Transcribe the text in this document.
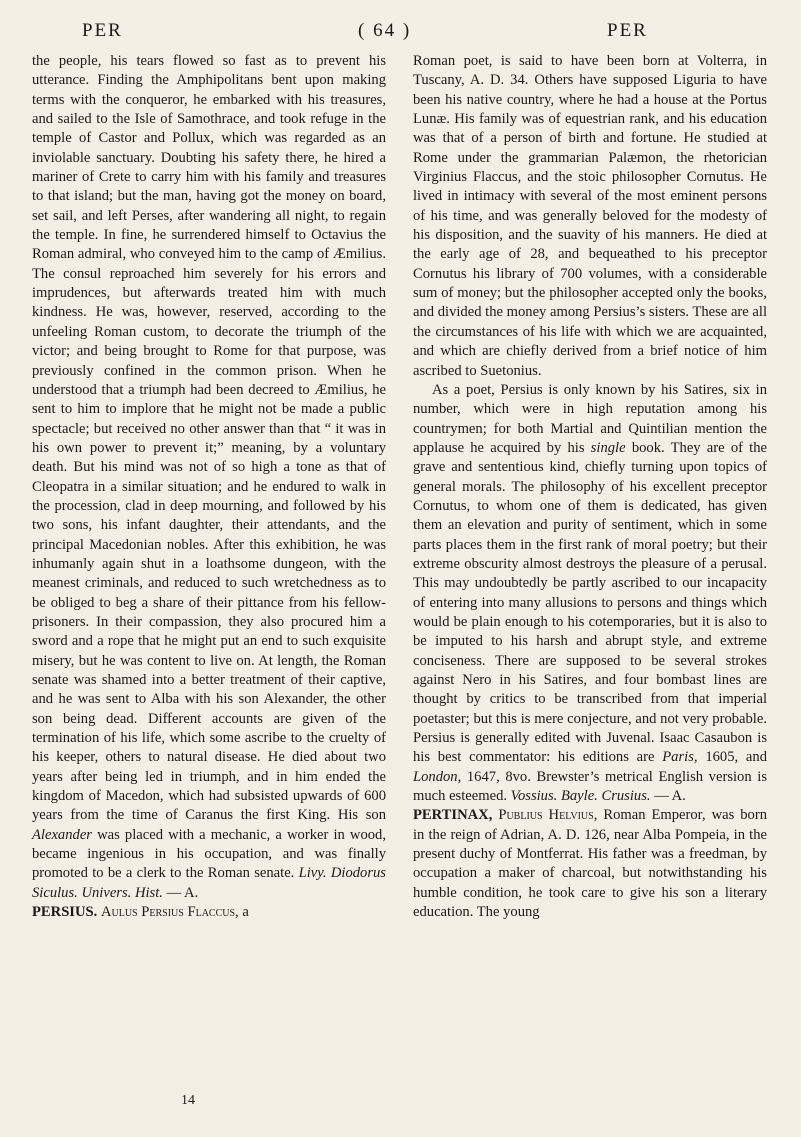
PER	( 64 )	PER

the people, his tears flowed so fast as to prevent his utterance. Finding the Amphipolitans bent upon making terms with the conqueror, he embarked with his treasures, and sailed to the Isle of Samothrace, and took refuge in the temple of Castor and Pollux, which was regarded as an inviolable sanctuary. Doubting his safety there, he hired a mariner of Crete to carry him with his family and treasures to that island; but the man, having got the money on board, set sail, and left Perses, after wandering all night, to regain the temple. In fine, he surrendered himself to Octavius the Roman admiral, who conveyed him to the camp of Æmilius. The consul reproached him severely for his errors and imprudences, but afterwards treated him with much kindness. He was, however, reserved, according to the unfeeling Roman custom, to decorate the triumph of the victor; and being brought to Rome for that purpose, was previously confined in the common prison. When he understood that a triumph had been decreed to Æmilius, he sent to him to implore that he might not be made a public spectacle; but received no other answer than that “ it was in his own power to prevent it;” meaning, by a voluntary death. But his mind was not of so high a tone as that of Cleopatra in a similar situation; and he endured to walk in the procession, clad in deep mourning, and followed by his two sons, his infant daughter, their attendants, and the principal Macedonian nobles. After this exhibition, he was inhumanly again shut in a loathsome dungeon, with the meanest criminals, and reduced to such wretchedness as to be obliged to beg a share of their pittance from his fellow-prisoners. In their compassion, they also procured him a sword and a rope that he might put an end to such exquisite misery, but he was content to live on. At length, the Roman senate was shamed into a better treatment of their captive, and he was sent to Alba with his son Alexander, the other son being dead. Different accounts are given of the termination of his life, which some ascribe to the cruelty of his keeper, others to natural disease. He died about two years after being led in triumph, and in him ended the kingdom of Macedon, which had subsisted upwards of 600 years from the time of Caranus the first King. His son Alexander was placed with a mechanic, a worker in wood, became ingenious in his occupation, and was finally promoted to be a clerk to the Roman senate. Livy. Diodorus Siculus. Univers. Hist. — A.

PERSIUS. Aulus Persius Flaccus, a

Roman poet, is said to have been born at Volterra, in Tuscany, A. D. 34. Others have supposed Liguria to have been his native country, where he had a house at the Portus Lunæ. His family was of equestrian rank, and his education was that of a person of birth and fortune. He studied at Rome under the grammarian Palæmon, the rhetorician Virginius Flaccus, and the stoic philosopher Cornutus. He lived in intimacy with several of the most eminent persons of his time, and was generally beloved for the modesty of his disposition, and the suavity of his manners. He died at the early age of 28, and bequeathed to his preceptor Cornutus his library of 700 volumes, with a considerable sum of money; but the philosopher accepted only the books, and divided the money among Persius’s sisters. These are all the circumstances of his life with which we are acquainted, and which are chiefly derived from a brief notice of him ascribed to Suetonius.

As a poet, Persius is only known by his Satires, six in number, which were in high reputation among his countrymen; for both Martial and Quintilian mention the applause he acquired by his single book. They are of the grave and sententious kind, chiefly turning upon topics of general morals. The philosophy of his excellent preceptor Cornutus, to whom one of them is dedicated, has given them an elevation and purity of sentiment, which in some parts places them in the first rank of moral poetry; but their extreme obscurity almost destroys the pleasure of a perusal. This may undoubtedly be partly ascribed to our incapacity of entering into many allusions to persons and things which would be plain enough to his cotemporaries, but it is also to be imputed to his harsh and abrupt style, and extreme conciseness. There are supposed to be several strokes against Nero in his Satires, and four bombast lines are thought by critics to be transcribed from that imperial poetaster; but this is mere conjecture, and not very probable. Persius is generally edited with Juvenal. Isaac Casaubon is his best commentator: his editions are Paris, 1605, and London, 1647, 8vo. Brewster’s metrical English version is much esteemed. Vossius. Bayle. Crusius. — A.

PERTINAX, Publius Helvius, Roman Emperor, was born in the reign of Adrian, A. D. 126, near Alba Pompeia, in the present duchy of Montferrat. His father was a freedman, by occupation a maker of charcoal, but notwithstanding his humble condition, he took care to give his son a literary education. The young

14
